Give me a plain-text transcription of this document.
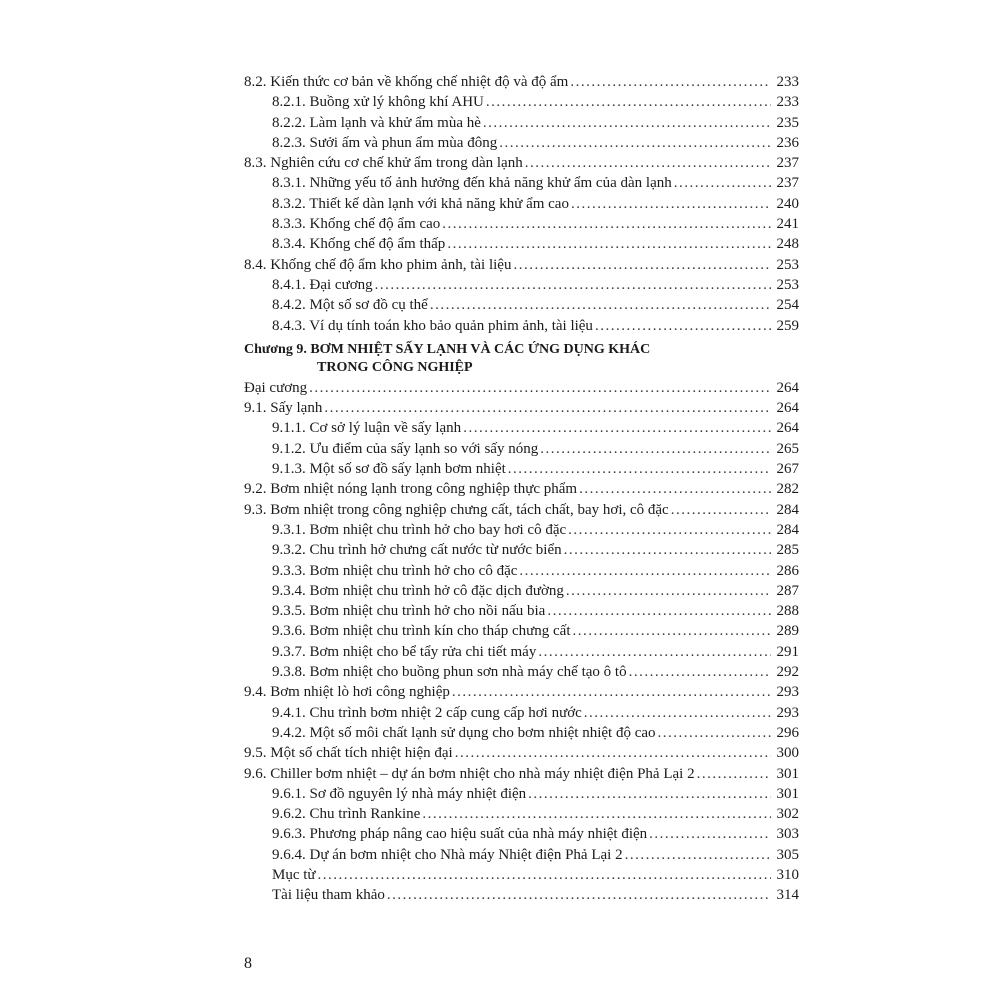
8.2. Kiến thức cơ bản về khống chế nhiệt độ và độ ẩm .....	233
8.2.1. Buồng xử lý không khí AHU .....	233
8.2.2. Làm lạnh và khử ẩm mùa hè .....	235
8.2.3. Sưởi ấm và phun ẩm mùa đông .....	236
8.3. Nghiên cứu cơ chế khử ẩm trong dàn lạnh .....	237
8.3.1. Những yếu tố ảnh hưởng đến khả năng khử ẩm của dàn lạnh .....	237
8.3.2. Thiết kế dàn lạnh với khả năng khử ẩm cao .....	240
8.3.3. Khống chế độ ẩm cao .....	241
8.3.4. Khống chế độ ẩm thấp .....	248
8.4. Khống chế độ ẩm kho phim ảnh, tài liệu .....	253
8.4.1. Đại cương .....	253
8.4.2. Một số sơ đồ cụ thể .....	254
8.4.3. Ví dụ tính toán kho bảo quản phim ảnh, tài liệu .....	259
Chương 9. BƠM NHIỆT SẤY LẠNH VÀ CÁC ỨNG DỤNG KHÁC
TRONG CÔNG NGHIỆP
Đại cương .....	264
9.1. Sấy lạnh .....	264
9.1.1. Cơ sở lý luận về sấy lạnh .....	264
9.1.2. Ưu điểm của sấy lạnh so với sấy nóng .....	265
9.1.3. Một số sơ đồ sấy lạnh bơm nhiệt .....	267
9.2. Bơm nhiệt nóng lạnh trong công nghiệp thực phẩm .....	282
9.3. Bơm nhiệt trong công nghiệp chưng cất, tách chất, bay hơi, cô đặc .....	284
9.3.1. Bơm nhiệt chu trình hở cho bay hơi cô đặc .....	284
9.3.2. Chu trình hở chưng cất nước từ nước biển .....	285
9.3.3. Bơm nhiệt chu trình hở cho cô đặc .....	286
9.3.4. Bơm nhiệt chu trình hở cô đặc dịch đường .....	287
9.3.5. Bơm nhiệt chu trình hở cho nồi nấu bia .....	288
9.3.6. Bơm nhiệt chu trình kín cho tháp chưng cất .....	289
9.3.7. Bơm nhiệt cho bể tẩy rửa chi tiết máy .....	291
9.3.8. Bơm nhiệt cho buồng phun sơn nhà máy chế tạo ô tô .....	292
9.4. Bơm nhiệt lò hơi công nghiệp .....	293
9.4.1. Chu trình bơm nhiệt 2 cấp cung cấp hơi nước .....	293
9.4.2. Một số môi chất lạnh sử dụng cho bơm nhiệt nhiệt độ cao .....	296
9.5. Một số chất tích nhiệt hiện đại .....	300
9.6. Chiller bơm nhiệt – dự án bơm nhiệt cho nhà máy nhiệt điện Phả Lại 2 .....	301
9.6.1. Sơ đồ nguyên lý nhà máy nhiệt điện .....	301
9.6.2. Chu trình Rankine .....	302
9.6.3. Phương pháp nâng cao hiệu suất của nhà máy nhiệt điện .....	303
9.6.4. Dự án bơm nhiệt cho Nhà máy Nhiệt điện Phả Lại 2 .....	305
Mục từ .....	310
Tài liệu tham khảo .....	314
8
